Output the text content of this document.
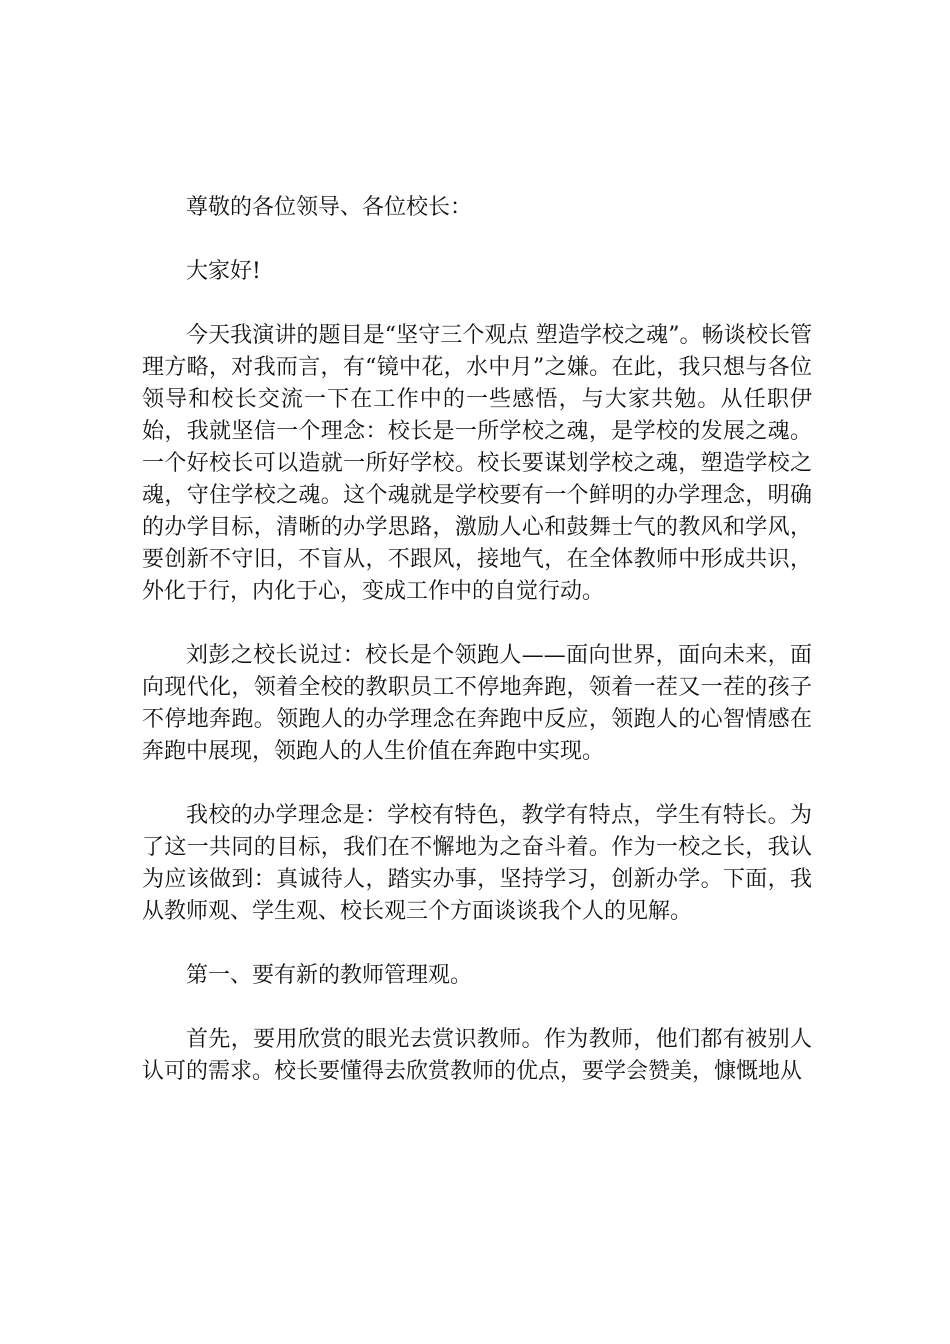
尊敬的各位领导、各位校长：

大家好!

今天我演讲的题目是“坚守三个观点 塑造学校之魂”。畅谈校长管理方略，对我而言，有“镜中花，水中月”之嫌。在此，我只想与各位领导和校长交流一下在工作中的一些感悟，与大家共勉。从任职伊始，我就坚信一个理念：校长是一所学校之魂，是学校的发展之魂。一个好校长可以造就一所好学校。校长要谋划学校之魂，塑造学校之魂，守住学校之魂。这个魂就是学校要有一个鲜明的办学理念，明确的办学目标，清晰的办学思路，激励人心和鼓舞士气的教风和学风，要创新不守旧，不盲从，不跟风，接地气，在全体教师中形成共识，外化于行，内化于心，变成工作中的自觉行动。

刘彭之校长说过：校长是个领跑人——面向世界，面向未来，面向现代化，领着全校的教职员工不停地奔跑，领着一茬又一茬的孩子不停地奔跑。领跑人的办学理念在奔跑中反应，领跑人的心智情感在奔跑中展现，领跑人的人生价值在奔跑中实现。

我校的办学理念是：学校有特色，教学有特点，学生有特长。为了这一共同的目标，我们在不懈地为之奋斗着。作为一校之长，我认为应该做到：真诚待人，踏实办事，坚持学习，创新办学。下面，我从教师观、学生观、校长观三个方面谈谈我个人的见解。

第一、要有新的教师管理观。

首先，要用欣赏的眼光去赏识教师。作为教师，他们都有被别人认可的需求。校长要懂得去欣赏教师的优点，要学会赞美，慷慨地从
